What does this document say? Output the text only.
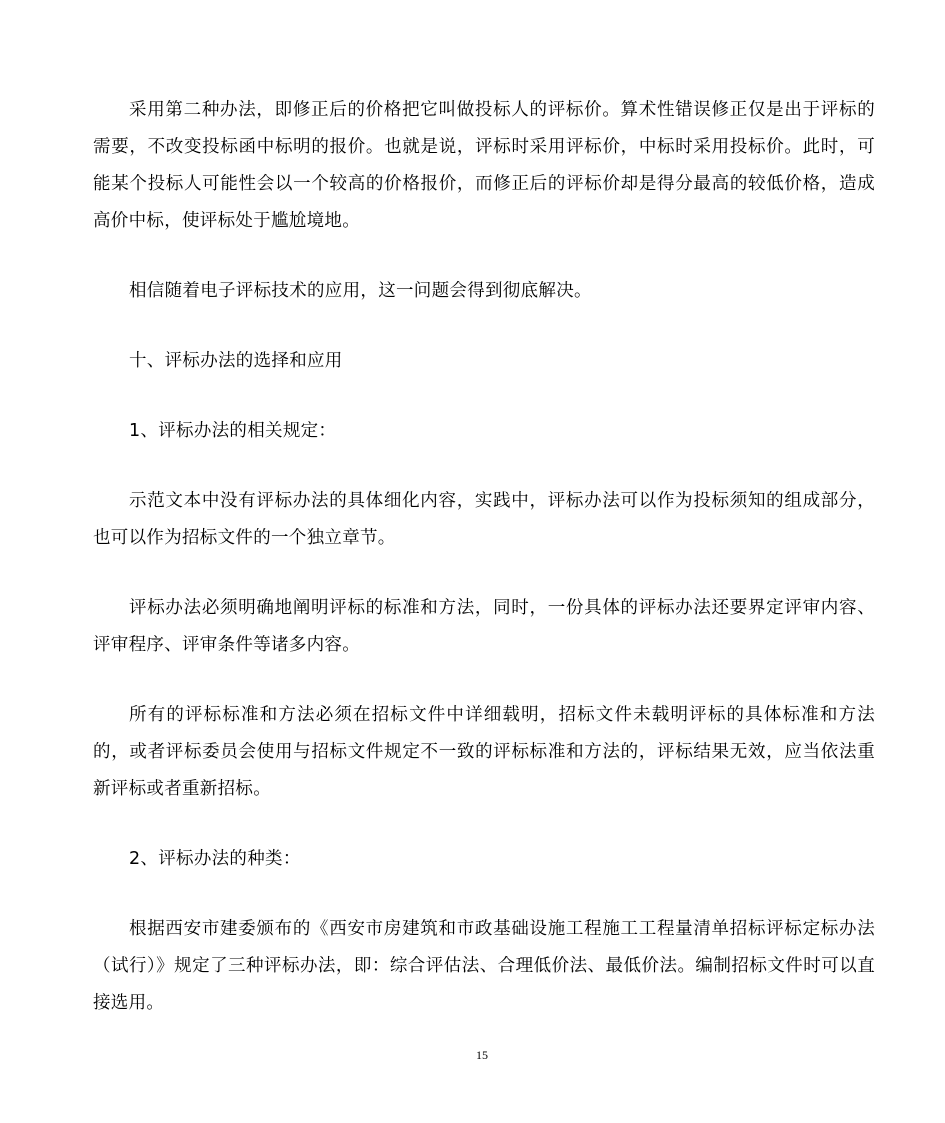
采用第二种办法，即修正后的价格把它叫做投标人的评标价。算术性错误修正仅是出于评标的需要，不改变投标函中标明的报价。也就是说，评标时采用评标价，中标时采用投标价。此时，可能某个投标人可能性会以一个较高的价格报价，而修正后的评标价却是得分最高的较低价格，造成高价中标，使评标处于尴尬境地。

相信随着电子评标技术的应用，这一问题会得到彻底解决。

十、评标办法的选择和应用

1、评标办法的相关规定：

示范文本中没有评标办法的具体细化内容，实践中，评标办法可以作为投标须知的组成部分，也可以作为招标文件的一个独立章节。

评标办法必须明确地阐明评标的标准和方法，同时，一份具体的评标办法还要界定评审内容、评审程序、评审条件等诸多内容。

所有的评标标准和方法必须在招标文件中详细载明，招标文件未载明评标的具体标准和方法的，或者评标委员会使用与招标文件规定不一致的评标标准和方法的，评标结果无效，应当依法重新评标或者重新招标。

2、评标办法的种类：

根据西安市建委颁布的《西安市房建筑和市政基础设施工程施工工程量清单招标评标定标办法（试行）》规定了三种评标办法，即：综合评估法、合理低价法、最低价法。编制招标文件时可以直接选用。

15
